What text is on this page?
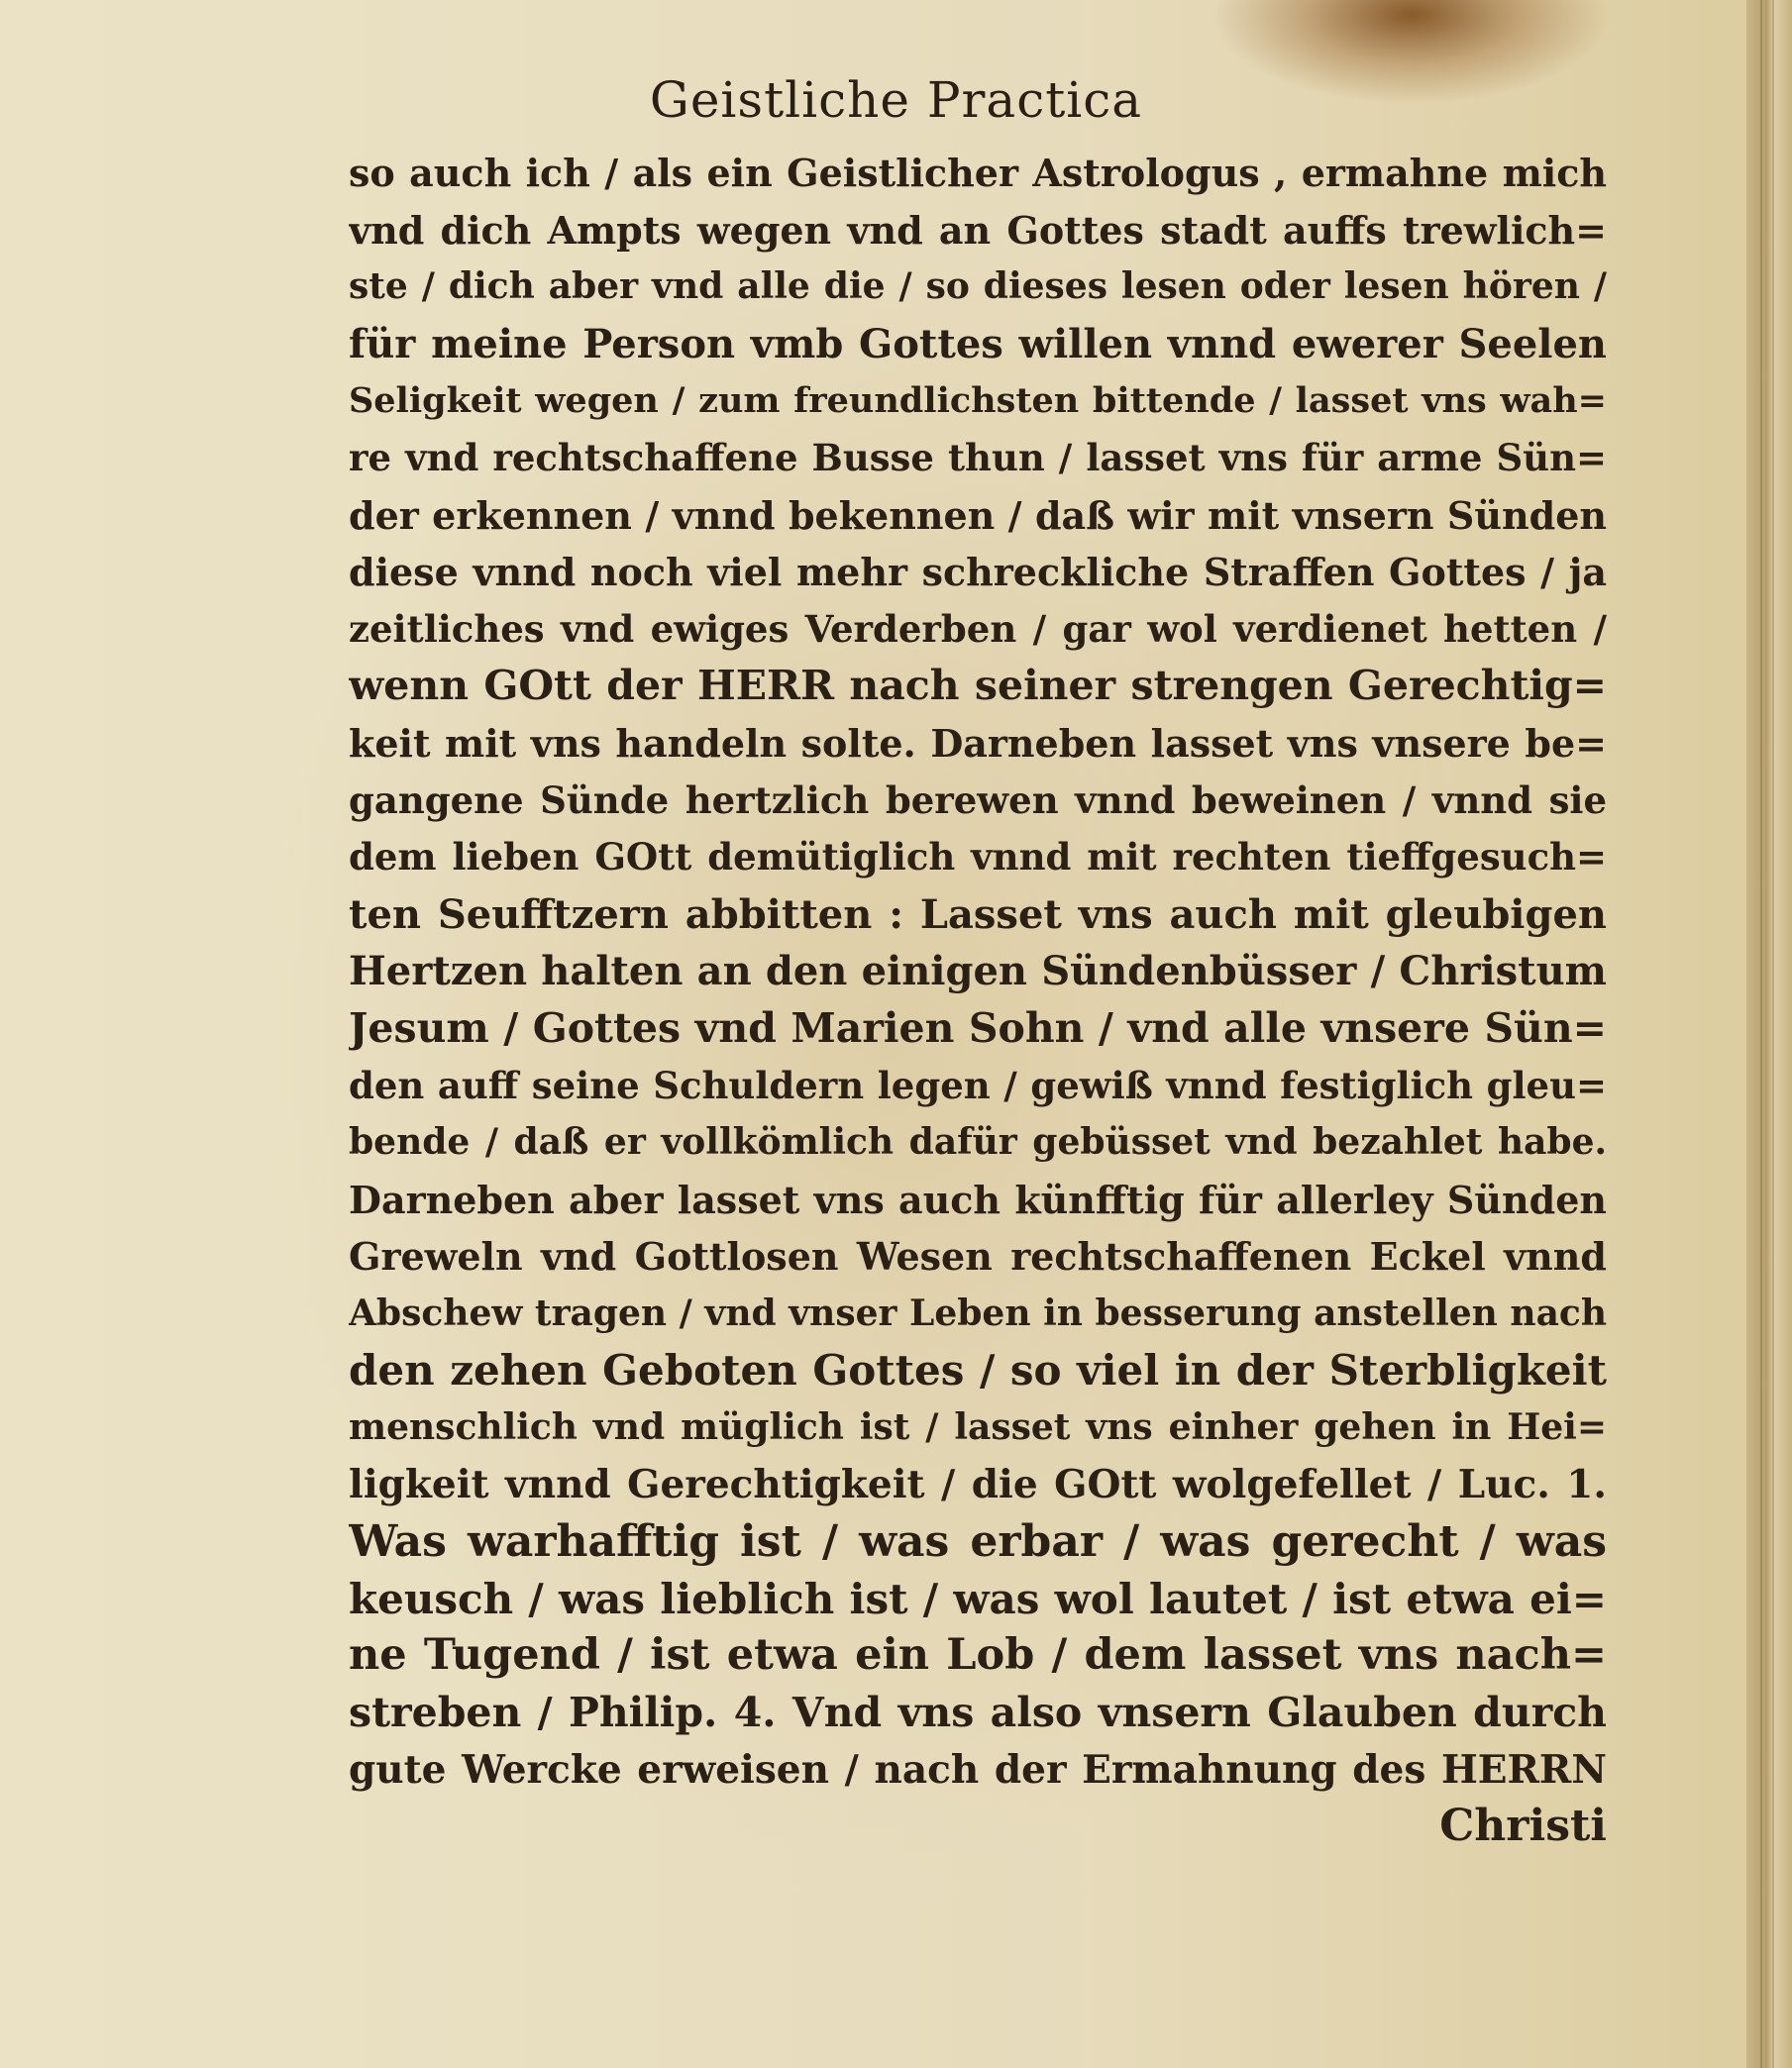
Geistliche Practica
so auch ich / als ein Geistlicher Astrologus , ermahne mich
vnd dich Ampts wegen vnd an Gottes stadt auffs trewlich=
ste / dich aber vnd alle die / so dieses lesen oder lesen hören /
für meine Person vmb Gottes willen vnnd ewerer Seelen
Seligkeit wegen / zum freundlichsten bittende / lasset vns wah=
re vnd rechtschaffene Busse thun / lasset vns für arme Sün=
der erkennen / vnnd bekennen / daß wir mit vnsern Sünden
diese vnnd noch viel mehr schreckliche Straffen Gottes / ja
zeitliches vnd ewiges Verderben / gar wol verdienet hetten /
wenn GOtt der HERR nach seiner strengen Gerechtig=
keit mit vns handeln solte. Darneben lasset vns vnsere be=
gangene Sünde hertzlich berewen vnnd beweinen / vnnd sie
dem lieben GOtt demütiglich vnnd mit rechten tieffgesuch=
ten Seufftzern abbitten : Lasset vns auch mit gleubigen
Hertzen halten an den einigen Sündenbüsser / Christum
Jesum / Gottes vnd Marien Sohn / vnd alle vnsere Sün=
den auff seine Schuldern legen / gewiß vnnd festiglich gleu=
bende / daß er vollkömlich dafür gebüsset vnd bezahlet habe.
Darneben aber lasset vns auch künfftig für allerley Sünden
Greweln vnd Gottlosen Wesen rechtschaffenen Eckel vnnd
Abschew tragen / vnd vnser Leben in besserung anstellen nach
den zehen Geboten Gottes / so viel in der Sterbligkeit
menschlich vnd müglich ist / lasset vns einher gehen in Hei=
ligkeit vnnd Gerechtigkeit / die GOtt wolgefellet / Luc. 1.
Was warhafftig ist / was erbar / was gerecht / was
keusch / was lieblich ist / was wol lautet / ist etwa ei=
ne Tugend / ist etwa ein Lob / dem lasset vns nach=
streben / Philip. 4. Vnd vns also vnsern Glauben durch
gute Wercke erweisen / nach der Ermahnung des HERRN
Christi
